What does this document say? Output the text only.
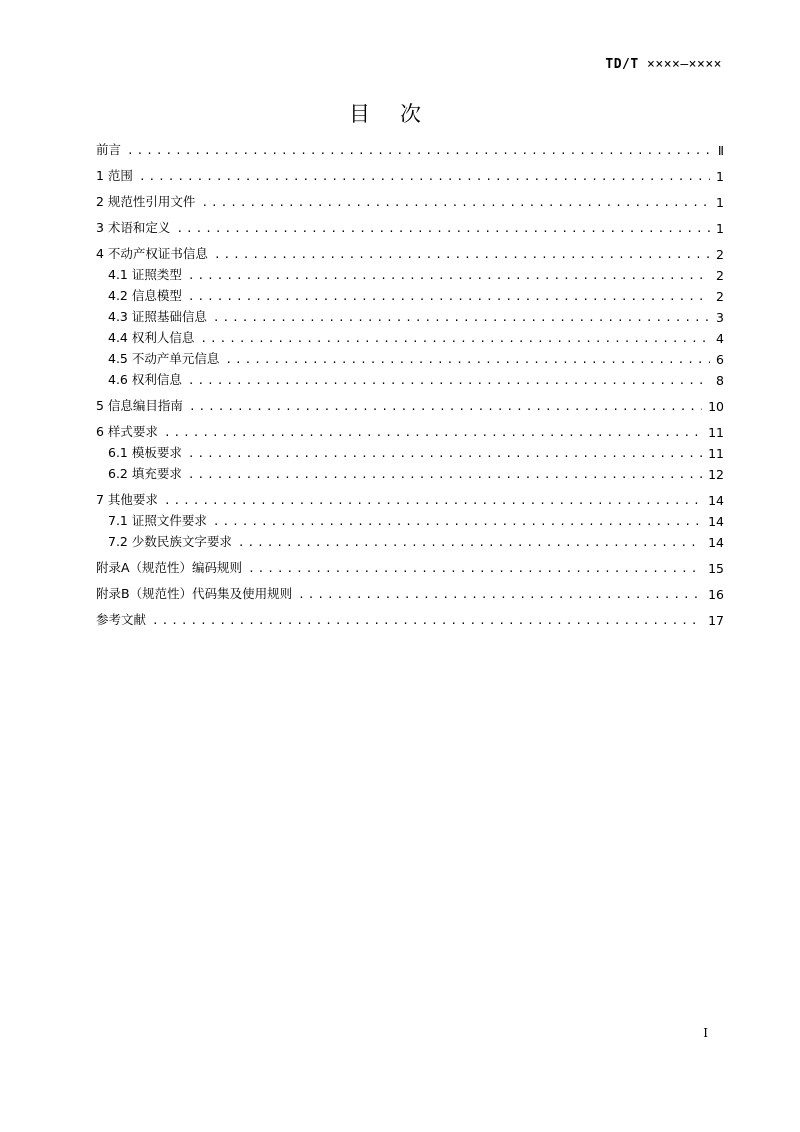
TD/T ××××—××××
目次
前言 .....	Ⅱ
1 范围 .....	1
2 规范性引用文件 .....	1
3 术语和定义 .....	1
4 不动产权证书信息 .....	2
4.1 证照类型 .....	2
4.2 信息模型 .....	2
4.3 证照基础信息 .....	3
4.4 权利人信息 .....	4
4.5 不动产单元信息 .....	6
4.6 权利信息 .....	8
5 信息编目指南 .....	10
6 样式要求 .....	11
6.1 模板要求 .....	11
6.2 填充要求 .....	12
7 其他要求 .....	14
7.1 证照文件要求 .....	14
7.2 少数民族文字要求 .....	14
附录A（规范性）编码规则 .....	15
附录B（规范性）代码集及使用规则 .....	16
参考文献 .....	17
I
